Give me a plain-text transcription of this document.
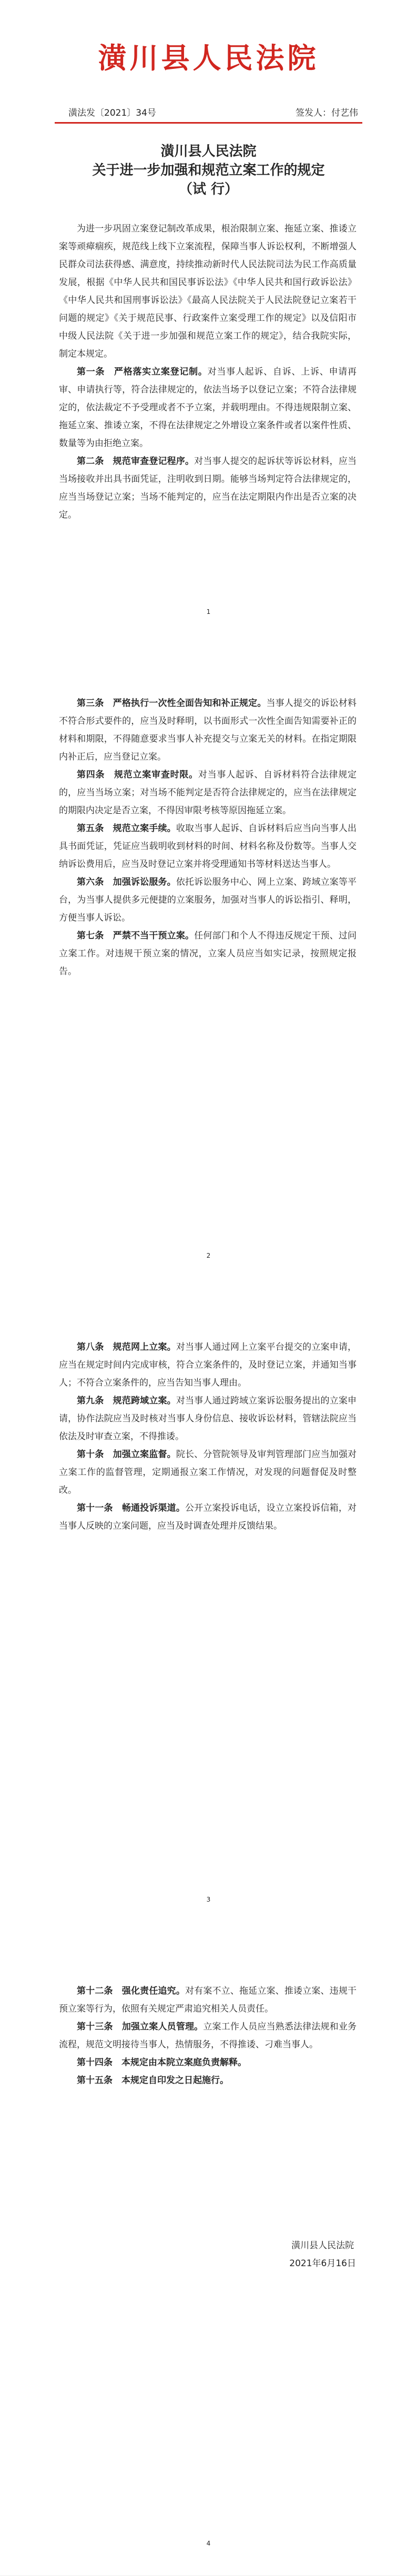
潢川县人民法院
潢法发〔2021〕34号	签发人：付艺伟
潢川县人民法院
关于进一步加强和规范立案工作的规定
（试 行）

为进一步巩固立案登记制改革成果，根治限制立案、拖延立案、推诿立案等顽瘴痼疾，规范线上线下立案流程，保障当事人诉讼权利，不断增强人民群众司法获得感、满意度，持续推动新时代人民法院司法为民工作高质量发展，根据《中华人民共和国民事诉讼法》《中华人民共和国行政诉讼法》《中华人民共和国刑事诉讼法》《最高人民法院关于人民法院登记立案若干问题的规定》《关于规范民事、行政案件立案受理工作的规定》以及信阳市中级人民法院《关于进一步加强和规范立案工作的规定》，结合我院实际，制定本规定。

第一条　严格落实立案登记制。对当事人起诉、自诉、上诉、申请再审、申请执行等，符合法律规定的，依法当场予以登记立案；不符合法律规定的，依法裁定不予受理或者不予立案，并载明理由。不得违规限制立案、拖延立案、推诿立案，不得在法律规定之外增设立案条件或者以案件性质、数量等为由拒绝立案。

第二条　规范审查登记程序。对当事人提交的起诉状等诉讼材料，应当当场接收并出具书面凭证，注明收到日期。能够当场判定符合法律规定的，应当当场登记立案；当场不能判定的，应当在法定期限内作出是否立案的决定。

1

第三条　严格执行一次性全面告知和补正规定。当事人提交的诉讼材料不符合形式要件的，应当及时释明，以书面形式一次性全面告知需要补正的材料和期限，不得随意要求当事人补充提交与立案无关的材料。在指定期限内补正后，应当登记立案。

第四条　规范立案审查时限。对当事人起诉、自诉材料符合法律规定的，应当当场立案；对当场不能判定是否符合法律规定的，应当在法律规定的期限内决定是否立案，不得因审限考核等原因拖延立案。

第五条　规范立案手续。收取当事人起诉、自诉材料后应当向当事人出具书面凭证，凭证应当载明收到材料的时间、材料名称及份数等。当事人交纳诉讼费用后，应当及时登记立案并将受理通知书等材料送达当事人。

第六条　加强诉讼服务。依托诉讼服务中心、网上立案、跨域立案等平台，为当事人提供多元便捷的立案服务，加强对当事人的诉讼指引、释明，方便当事人诉讼。

第七条　严禁不当干预立案。任何部门和个人不得违反规定干预、过问立案工作。对违规干预立案的情况，立案人员应当如实记录，按照规定报告。

2

第八条　规范网上立案。对当事人通过网上立案平台提交的立案申请，应当在规定时间内完成审核，符合立案条件的，及时登记立案，并通知当事人；不符合立案条件的，应当告知当事人理由。

第九条　规范跨域立案。对当事人通过跨域立案诉讼服务提出的立案申请，协作法院应当及时核对当事人身份信息、接收诉讼材料，管辖法院应当依法及时审查立案，不得推诿。

第十条　加强立案监督。院长、分管院领导及审判管理部门应当加强对立案工作的监督管理，定期通报立案工作情况，对发现的问题督促及时整改。

第十一条　畅通投诉渠道。公开立案投诉电话，设立立案投诉信箱，对当事人反映的立案问题，应当及时调查处理并反馈结果。

3

第十二条　强化责任追究。对有案不立、拖延立案、推诿立案、违规干预立案等行为，依照有关规定严肃追究相关人员责任。

第十三条　加强立案人员管理。立案工作人员应当熟悉法律法规和业务流程，规范文明接待当事人，热情服务，不得推诿、刁难当事人。

第十四条　本规定由本院立案庭负责解释。

第十五条　本规定自印发之日起施行。

潢川县人民法院
2021年6月16日
4
